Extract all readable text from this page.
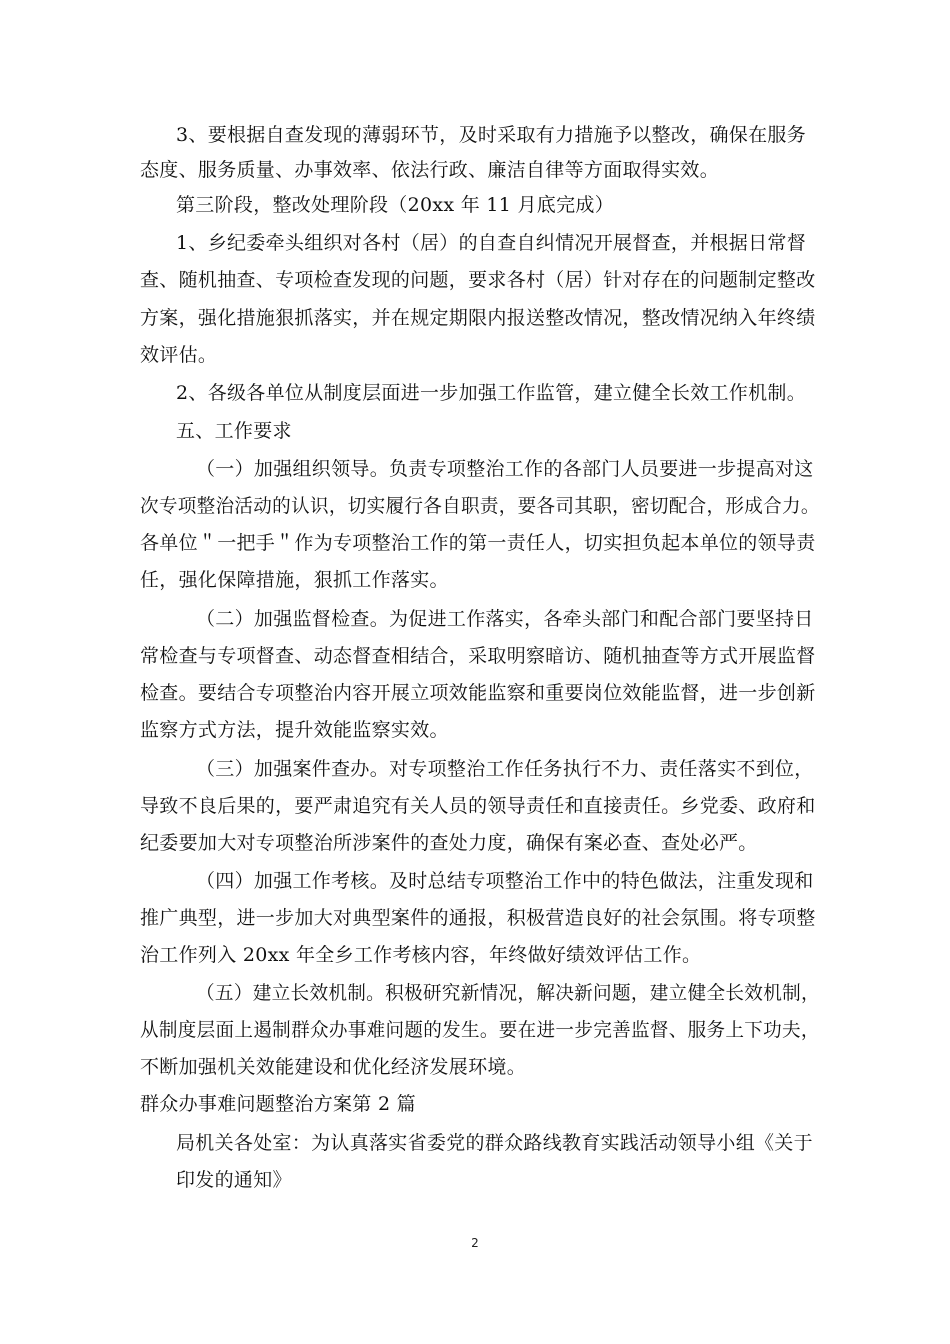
3、要根据自查发现的薄弱环节，及时采取有力措施予以整改，确保在服务
态度、服务质量、办事效率、依法行政、廉洁自律等方面取得实效。
第三阶段，整改处理阶段（20xx 年 11 月底完成）
1、乡纪委牵头组织对各村（居）的自查自纠情况开展督查，并根据日常督
查、随机抽查、专项检查发现的问题，要求各村（居）针对存在的问题制定整改
方案，强化措施狠抓落实，并在规定期限内报送整改情况，整改情况纳入年终绩
效评估。
2、各级各单位从制度层面进一步加强工作监管，建立健全长效工作机制。
五、工作要求
（一）加强组织领导。负责专项整治工作的各部门人员要进一步提高对这
次专项整治活动的认识，切实履行各自职责，要各司其职，密切配合，形成合力。
各单位＂一把手＂作为专项整治工作的第一责任人，切实担负起本单位的领导责
任，强化保障措施，狠抓工作落实。
（二）加强监督检查。为促进工作落实，各牵头部门和配合部门要坚持日
常检查与专项督查、动态督查相结合，采取明察暗访、随机抽查等方式开展监督
检查。要结合专项整治内容开展立项效能监察和重要岗位效能监督，进一步创新
监察方式方法，提升效能监察实效。
（三）加强案件查办。对专项整治工作任务执行不力、责任落实不到位，
导致不良后果的，要严肃追究有关人员的领导责任和直接责任。乡党委、政府和
纪委要加大对专项整治所涉案件的查处力度，确保有案必查、查处必严。
（四）加强工作考核。及时总结专项整治工作中的特色做法，注重发现和
推广典型，进一步加大对典型案件的通报，积极营造良好的社会氛围。将专项整
治工作列入 20xx 年全乡工作考核内容，年终做好绩效评估工作。
（五）建立长效机制。积极研究新情况，解决新问题，建立健全长效机制，
从制度层面上遏制群众办事难问题的发生。要在进一步完善监督、服务上下功夫，
不断加强机关效能建设和优化经济发展环境。
群众办事难问题整治方案第 2 篇
局机关各处室：为认真落实省委党的群众路线教育实践活动领导小组《关于
印发的通知》
2
